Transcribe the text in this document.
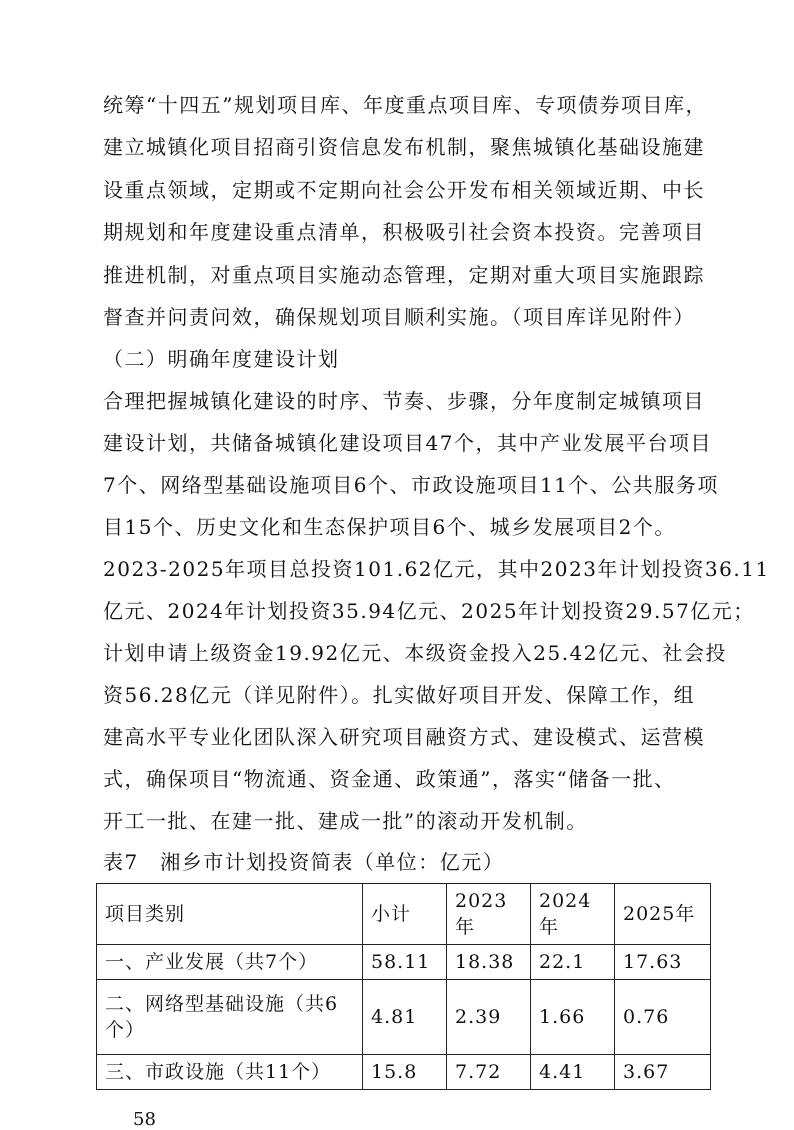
统筹“十四五”规划项目库、年度重点项目库、专项债券项目库，
建立城镇化项目招商引资信息发布机制，聚焦城镇化基础设施建
设重点领域，定期或不定期向社会公开发布相关领域近期、中长
期规划和年度建设重点清单，积极吸引社会资本投资。完善项目
推进机制，对重点项目实施动态管理，定期对重大项目实施跟踪
督查并问责问效，确保规划项目顺利实施。（项目库详见附件）
（二）明确年度建设计划
合理把握城镇化建设的时序、节奏、步骤，分年度制定城镇项目
建设计划，共储备城镇化建设项目47个，其中产业发展平台项目
7个、网络型基础设施项目6个、市政设施项目11个、公共服务项
目15个、历史文化和生态保护项目6个、城乡发展项目2个。
2023-2025年项目总投资101.62亿元，其中2023年计划投资36.11
亿元、2024年计划投资35.94亿元、2025年计划投资29.57亿元；
计划申请上级资金19.92亿元、本级资金投入25.42亿元、社会投
资56.28亿元（详见附件）。扎实做好项目开发、保障工作，组
建高水平专业化团队深入研究项目融资方式、建设模式、运营模
式，确保项目“物流通、资金通、政策通”，落实“储备一批、
开工一批、在建一批、建成一批”的滚动开发机制。
表7　湘乡市计划投资简表（单位：亿元）
项目类别	小计	2023年	2024年	2025年
一、产业发展（共7个）	58.11	18.38	22.1	17.63
二、网络型基础设施（共6个）	4.81	2.39	1.66	0.76
三、市政设施（共11个）	15.8	7.72	4.41	3.67
58
